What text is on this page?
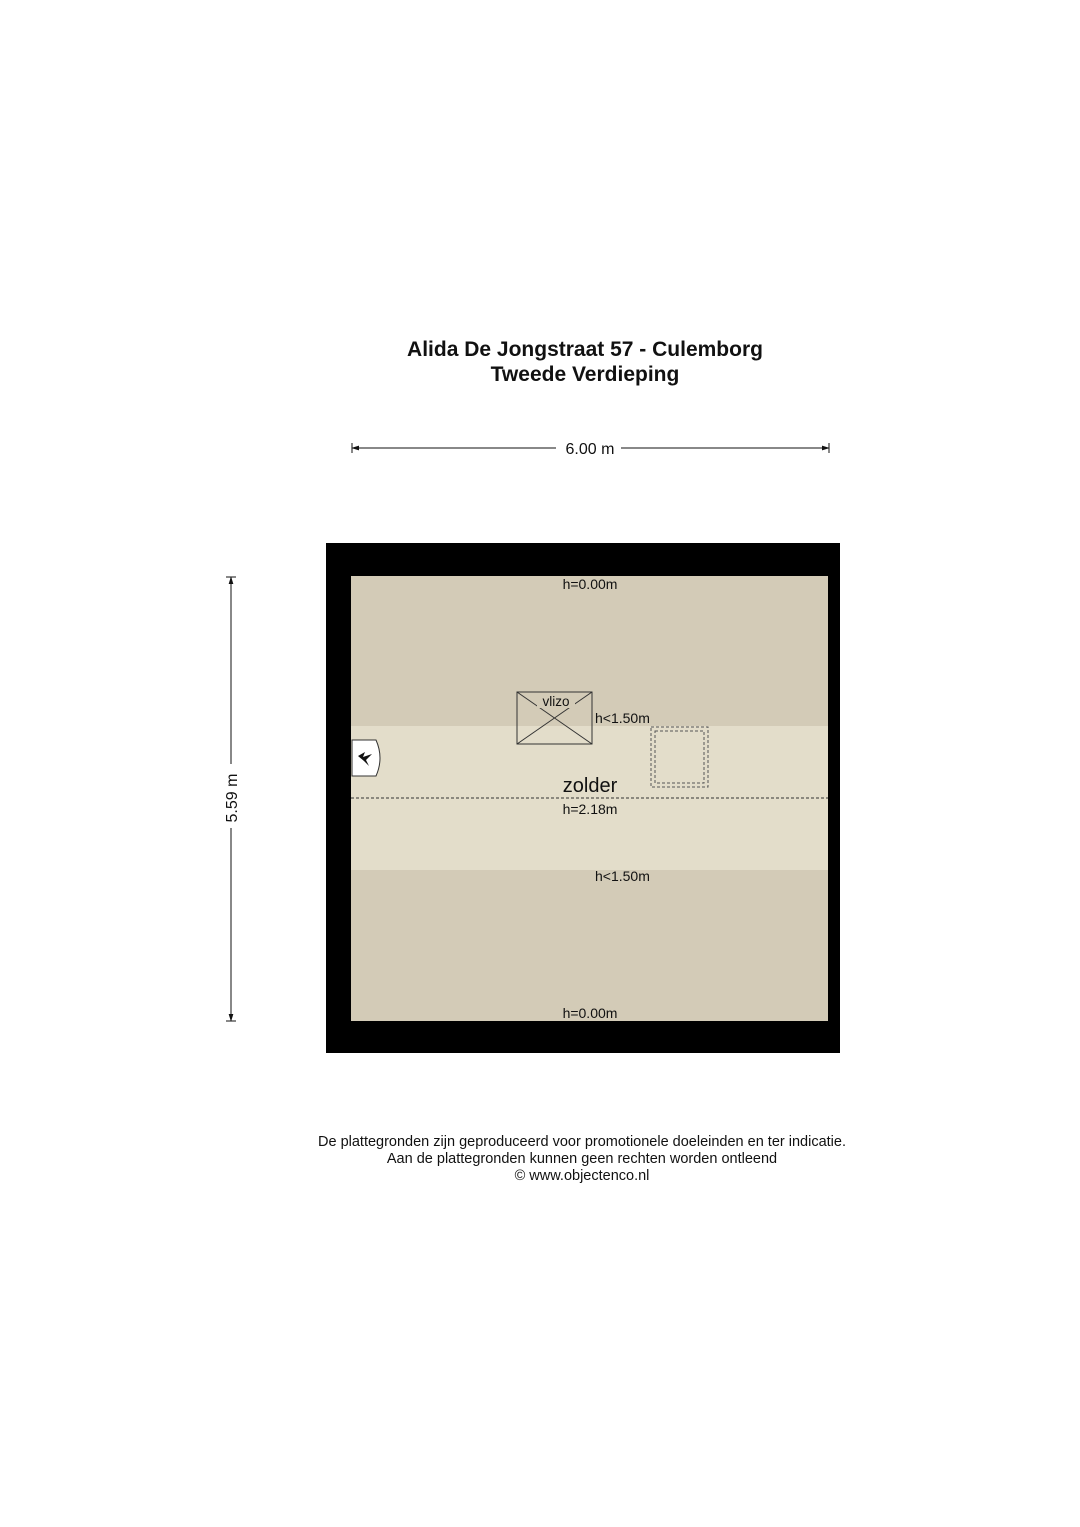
Alida De Jongstraat 57 - Culemborg
Tweede Verdieping
6.00 m
5.59 m
vlizo
h=0.00m
h<1.50m
zolder
h=2.18m
h<1.50m
h=0.00m
De plattegronden zijn geproduceerd voor promotionele doeleinden en ter indicatie.
Aan de plattegronden kunnen geen rechten worden ontleend
© www.objectenco.nl
